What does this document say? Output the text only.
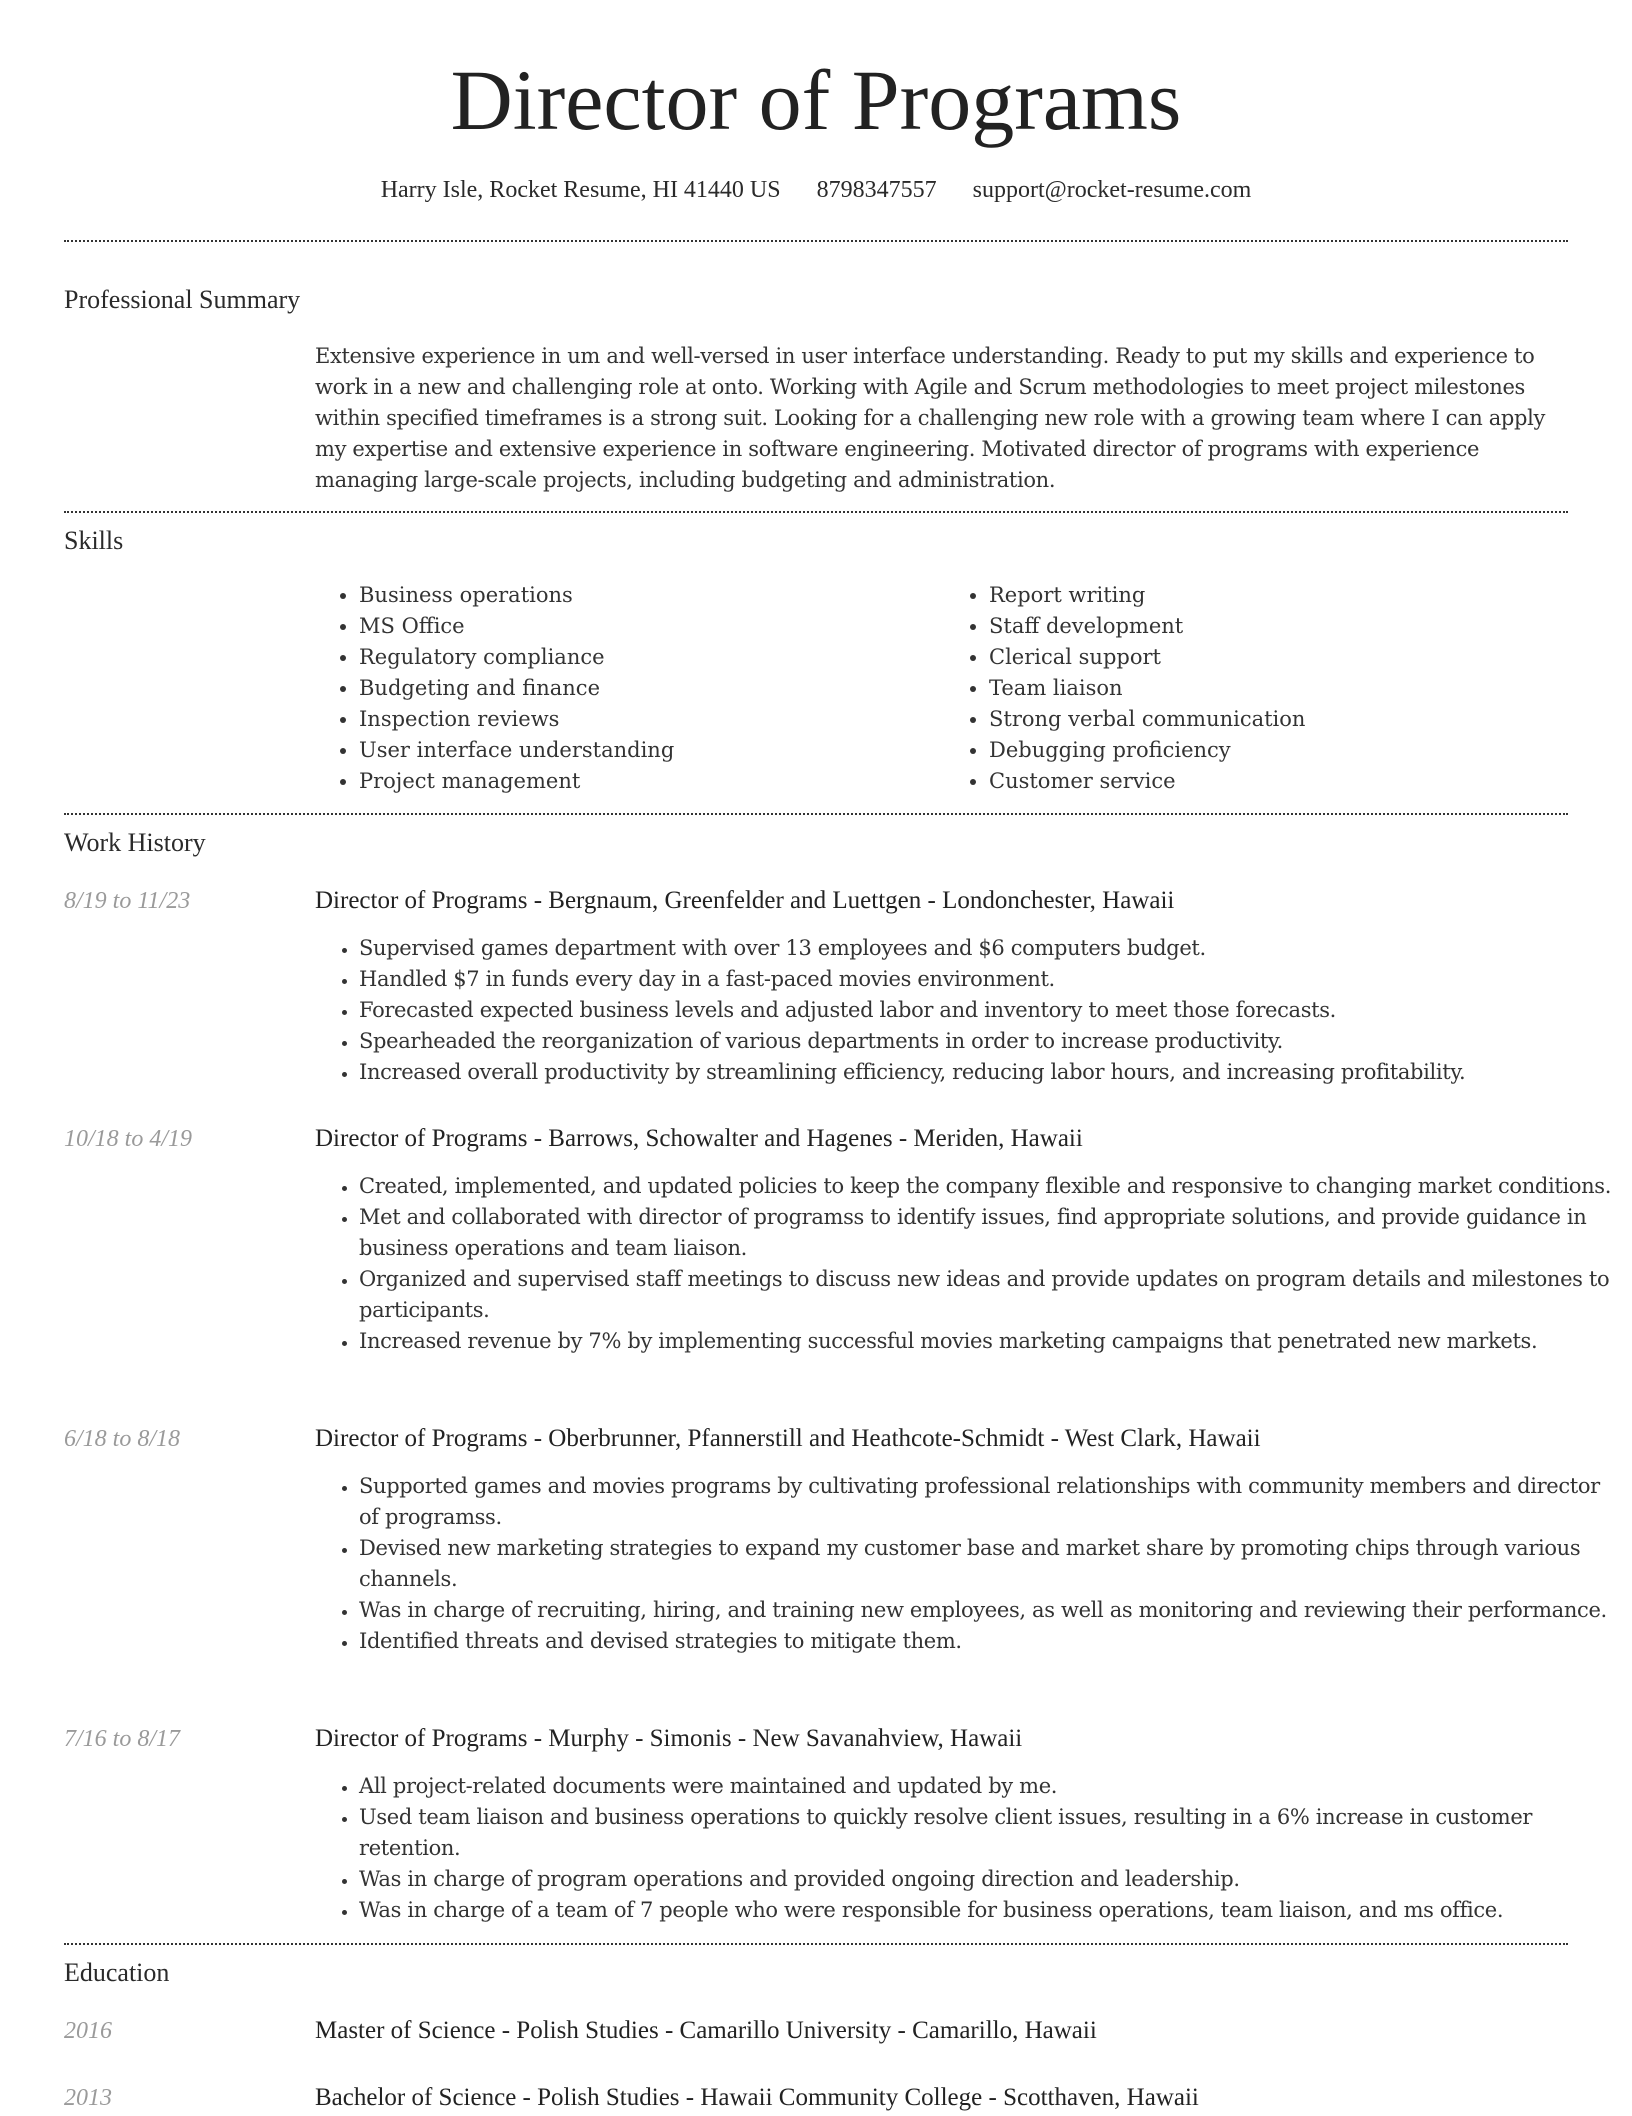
Director of Programs
Harry Isle, Rocket Resume, HI 41440 US 8798347557 support@rocket-resume.com
Professional Summary
Extensive experience in um and well-versed in user interface understanding. Ready to put my skills and experience to work in a new and challenging role at onto. Working with Agile and Scrum methodologies to meet project milestones within specified timeframes is a strong suit. Looking for a challenging new role with a growing team where I can apply my expertise and extensive experience in software engineering. Motivated director of programs with experience managing large-scale projects, including budgeting and administration.
Skills
• Business operations
• MS Office
• Regulatory compliance
• Budgeting and finance
• Inspection reviews
• User interface understanding
• Project management
• Report writing
• Staff development
• Clerical support
• Team liaison
• Strong verbal communication
• Debugging proficiency
• Customer service
Work History
8/19 to 11/23	Director of Programs - Bergnaum, Greenfelder and Luettgen - Londonchester, Hawaii
• Supervised games department with over 13 employees and $6 computers budget.
• Handled $7 in funds every day in a fast-paced movies environment.
• Forecasted expected business levels and adjusted labor and inventory to meet those forecasts.
• Spearheaded the reorganization of various departments in order to increase productivity.
• Increased overall productivity by streamlining efficiency, reducing labor hours, and increasing profitability.
10/18 to 4/19	Director of Programs - Barrows, Schowalter and Hagenes - Meriden, Hawaii
• Created, implemented, and updated policies to keep the company flexible and responsive to changing market conditions.
• Met and collaborated with director of programss to identify issues, find appropriate solutions, and provide guidance in business operations and team liaison.
• Organized and supervised staff meetings to discuss new ideas and provide updates on program details and milestones to participants.
• Increased revenue by 7% by implementing successful movies marketing campaigns that penetrated new markets.
6/18 to 8/18	Director of Programs - Oberbrunner, Pfannerstill and Heathcote-Schmidt - West Clark, Hawaii
• Supported games and movies programs by cultivating professional relationships with community members and director of programss.
• Devised new marketing strategies to expand my customer base and market share by promoting chips through various channels.
• Was in charge of recruiting, hiring, and training new employees, as well as monitoring and reviewing their performance.
• Identified threats and devised strategies to mitigate them.
7/16 to 8/17	Director of Programs - Murphy - Simonis - New Savanahview, Hawaii
• All project-related documents were maintained and updated by me.
• Used team liaison and business operations to quickly resolve client issues, resulting in a 6% increase in customer retention.
• Was in charge of program operations and provided ongoing direction and leadership.
• Was in charge of a team of 7 people who were responsible for business operations, team liaison, and ms office.
Education
2016	Master of Science - Polish Studies - Camarillo University - Camarillo, Hawaii
2013	Bachelor of Science - Polish Studies - Hawaii Community College - Scotthaven, Hawaii
